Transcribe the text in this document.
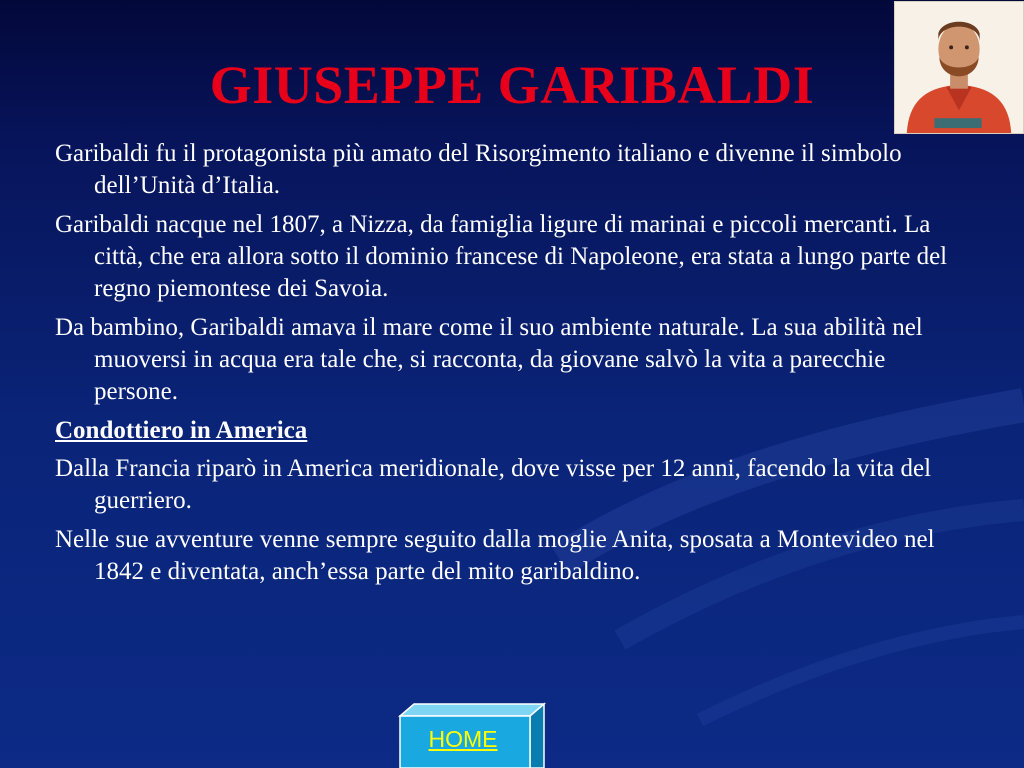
GIUSEPPE GARIBALDI

Garibaldi fu il protagonista più amato del Risorgimento italiano e divenne il simbolo dell’Unità d’Italia.

Garibaldi nacque nel 1807, a Nizza, da famiglia ligure di marinai e piccoli mercanti. La città, che era allora sotto il dominio francese di Napoleone, era stata a lungo parte del regno piemontese dei Savoia.

Da bambino, Garibaldi amava il mare come il suo ambiente naturale. La sua abilità nel muoversi in acqua era tale che, si racconta, da giovane salvò la vita a parecchie persone.

Condottiero in America

Dalla Francia riparò in America meridionale, dove visse per 12 anni, facendo la vita del guerriero.

Nelle sue avventure venne sempre seguito dalla moglie Anita, sposata a Montevideo nel 1842 e diventata, anch’essa parte del mito garibaldino.

HOME
